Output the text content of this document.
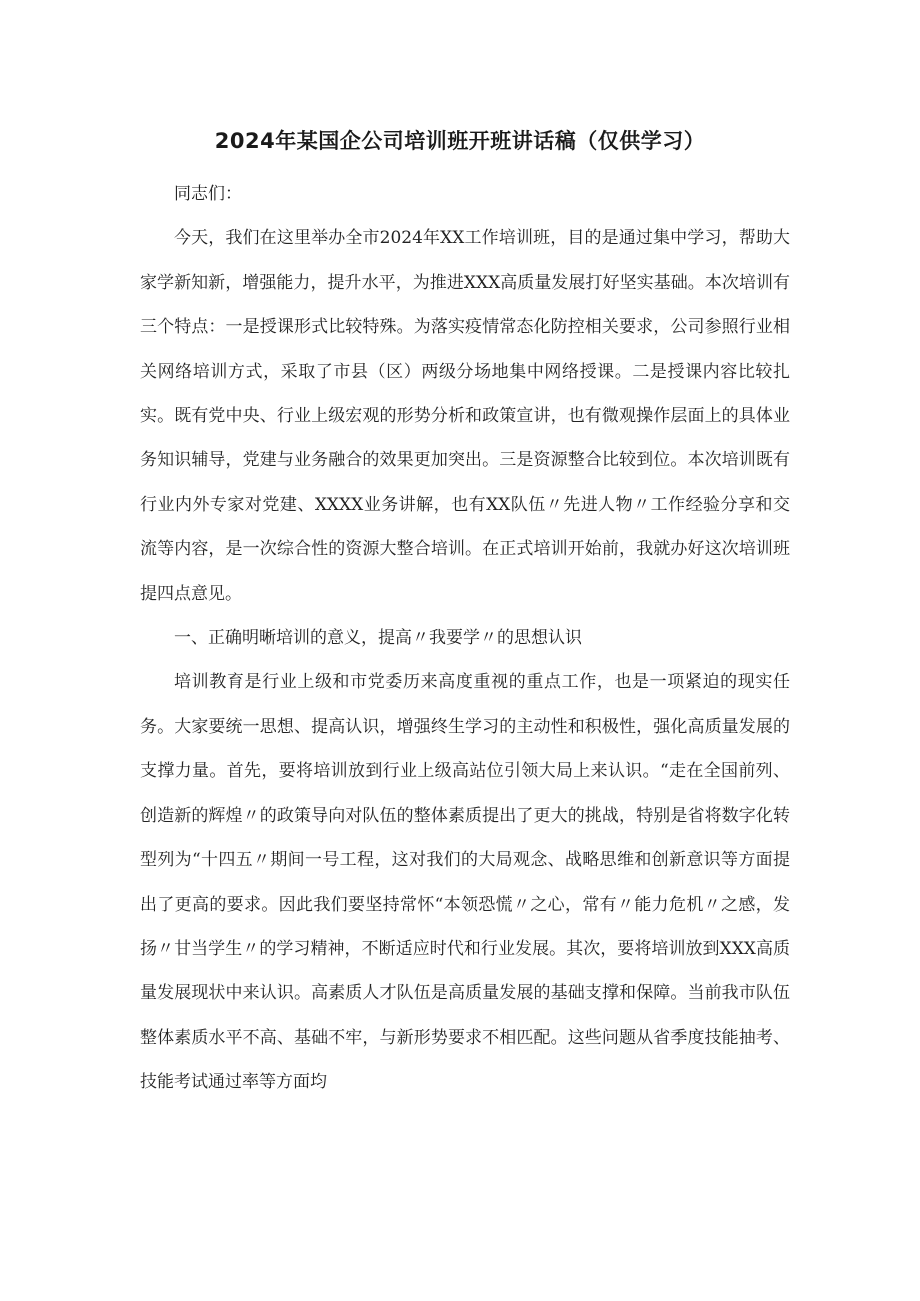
2024年某国企公司培训班开班讲话稿（仅供学习）

同志们：

今天，我们在这里举办全市2024年XX工作培训班，目的是通过集中学习，帮助大家学新知新，增强能力，提升水平，为推进XXX高质量发展打好坚实基础。本次培训有三个特点：一是授课形式比较特殊。为落实疫情常态化防控相关要求，公司参照行业相关网络培训方式，采取了市县（区）两级分场地集中网络授课。二是授课内容比较扎实。既有党中央、行业上级宏观的形势分析和政策宣讲，也有微观操作层面上的具体业务知识辅导，党建与业务融合的效果更加突出。三是资源整合比较到位。本次培训既有行业内外专家对党建、XXXX业务讲解，也有XX队伍〃先进人物〃工作经验分享和交流等内容，是一次综合性的资源大整合培训。在正式培训开始前，我就办好这次培训班提四点意见。

一、正确明晰培训的意义，提高〃我要学〃的思想认识

培训教育是行业上级和市党委历来高度重视的重点工作，也是一项紧迫的现实任务。大家要统一思想、提高认识，增强终生学习的主动性和积极性，强化高质量发展的支撑力量。首先，要将培训放到行业上级高站位引领大局上来认识。“走在全国前列、创造新的辉煌〃的政策导向对队伍的整体素质提出了更大的挑战，特别是省将数字化转型列为“十四五〃期间一号工程，这对我们的大局观念、战略思维和创新意识等方面提出了更高的要求。因此我们要坚持常怀“本领恐慌〃之心，常有〃能力危机〃之感，发扬〃甘当学生〃的学习精神，不断适应时代和行业发展。其次，要将培训放到XXX高质量发展现状中来认识。高素质人才队伍是高质量发展的基础支撑和保障。当前我市队伍整体素质水平不高、基础不牢，与新形势要求不相匹配。这些问题从省季度技能抽考、技能考试通过率等方面均
